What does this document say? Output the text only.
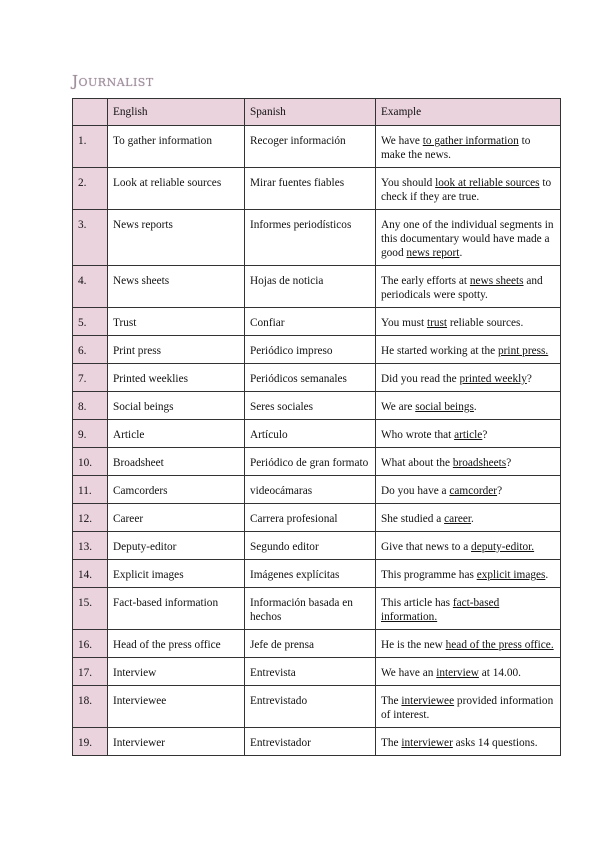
Journalist
	English	Spanish	Example
1.	To gather information	Recoger información	We have to gather information to make the news.
2.	Look at reliable sources	Mirar fuentes fiables	You should look at reliable sources to check if they are true.
3.	News reports	Informes periodísticos	Any one of the individual segments in this documentary would have made a good news report.
4.	News sheets	Hojas de noticia	The early efforts at news sheets and periodicals were spotty.
5.	Trust	Confiar	You must trust reliable sources.
6.	Print press	Periódico impreso	He started working at the print press.
7.	Printed weeklies	Periódicos semanales	Did you read the printed weekly?
8.	Social beings	Seres sociales	We are social beings.
9.	Article	Artículo	Who wrote that article?
10.	Broadsheet	Periódico de gran formato	What about the broadsheets?
11.	Camcorders	videocámaras	Do you have a camcorder?
12.	Career	Carrera profesional	She studied a career.
13.	Deputy-editor	Segundo editor	Give that news to a deputy-editor.
14.	Explicit images	Imágenes explícitas	This programme has explicit images.
15.	Fact-based information	Información basada en hechos	This article has fact-based information.
16.	Head of the press office	Jefe de prensa	He is the new head of the press office.
17.	Interview	Entrevista	We have an interview at 14.00.
18.	Interviewee	Entrevistado	The interviewee provided information of interest.
19.	Interviewer	Entrevistador	The interviewer asks 14 questions.
